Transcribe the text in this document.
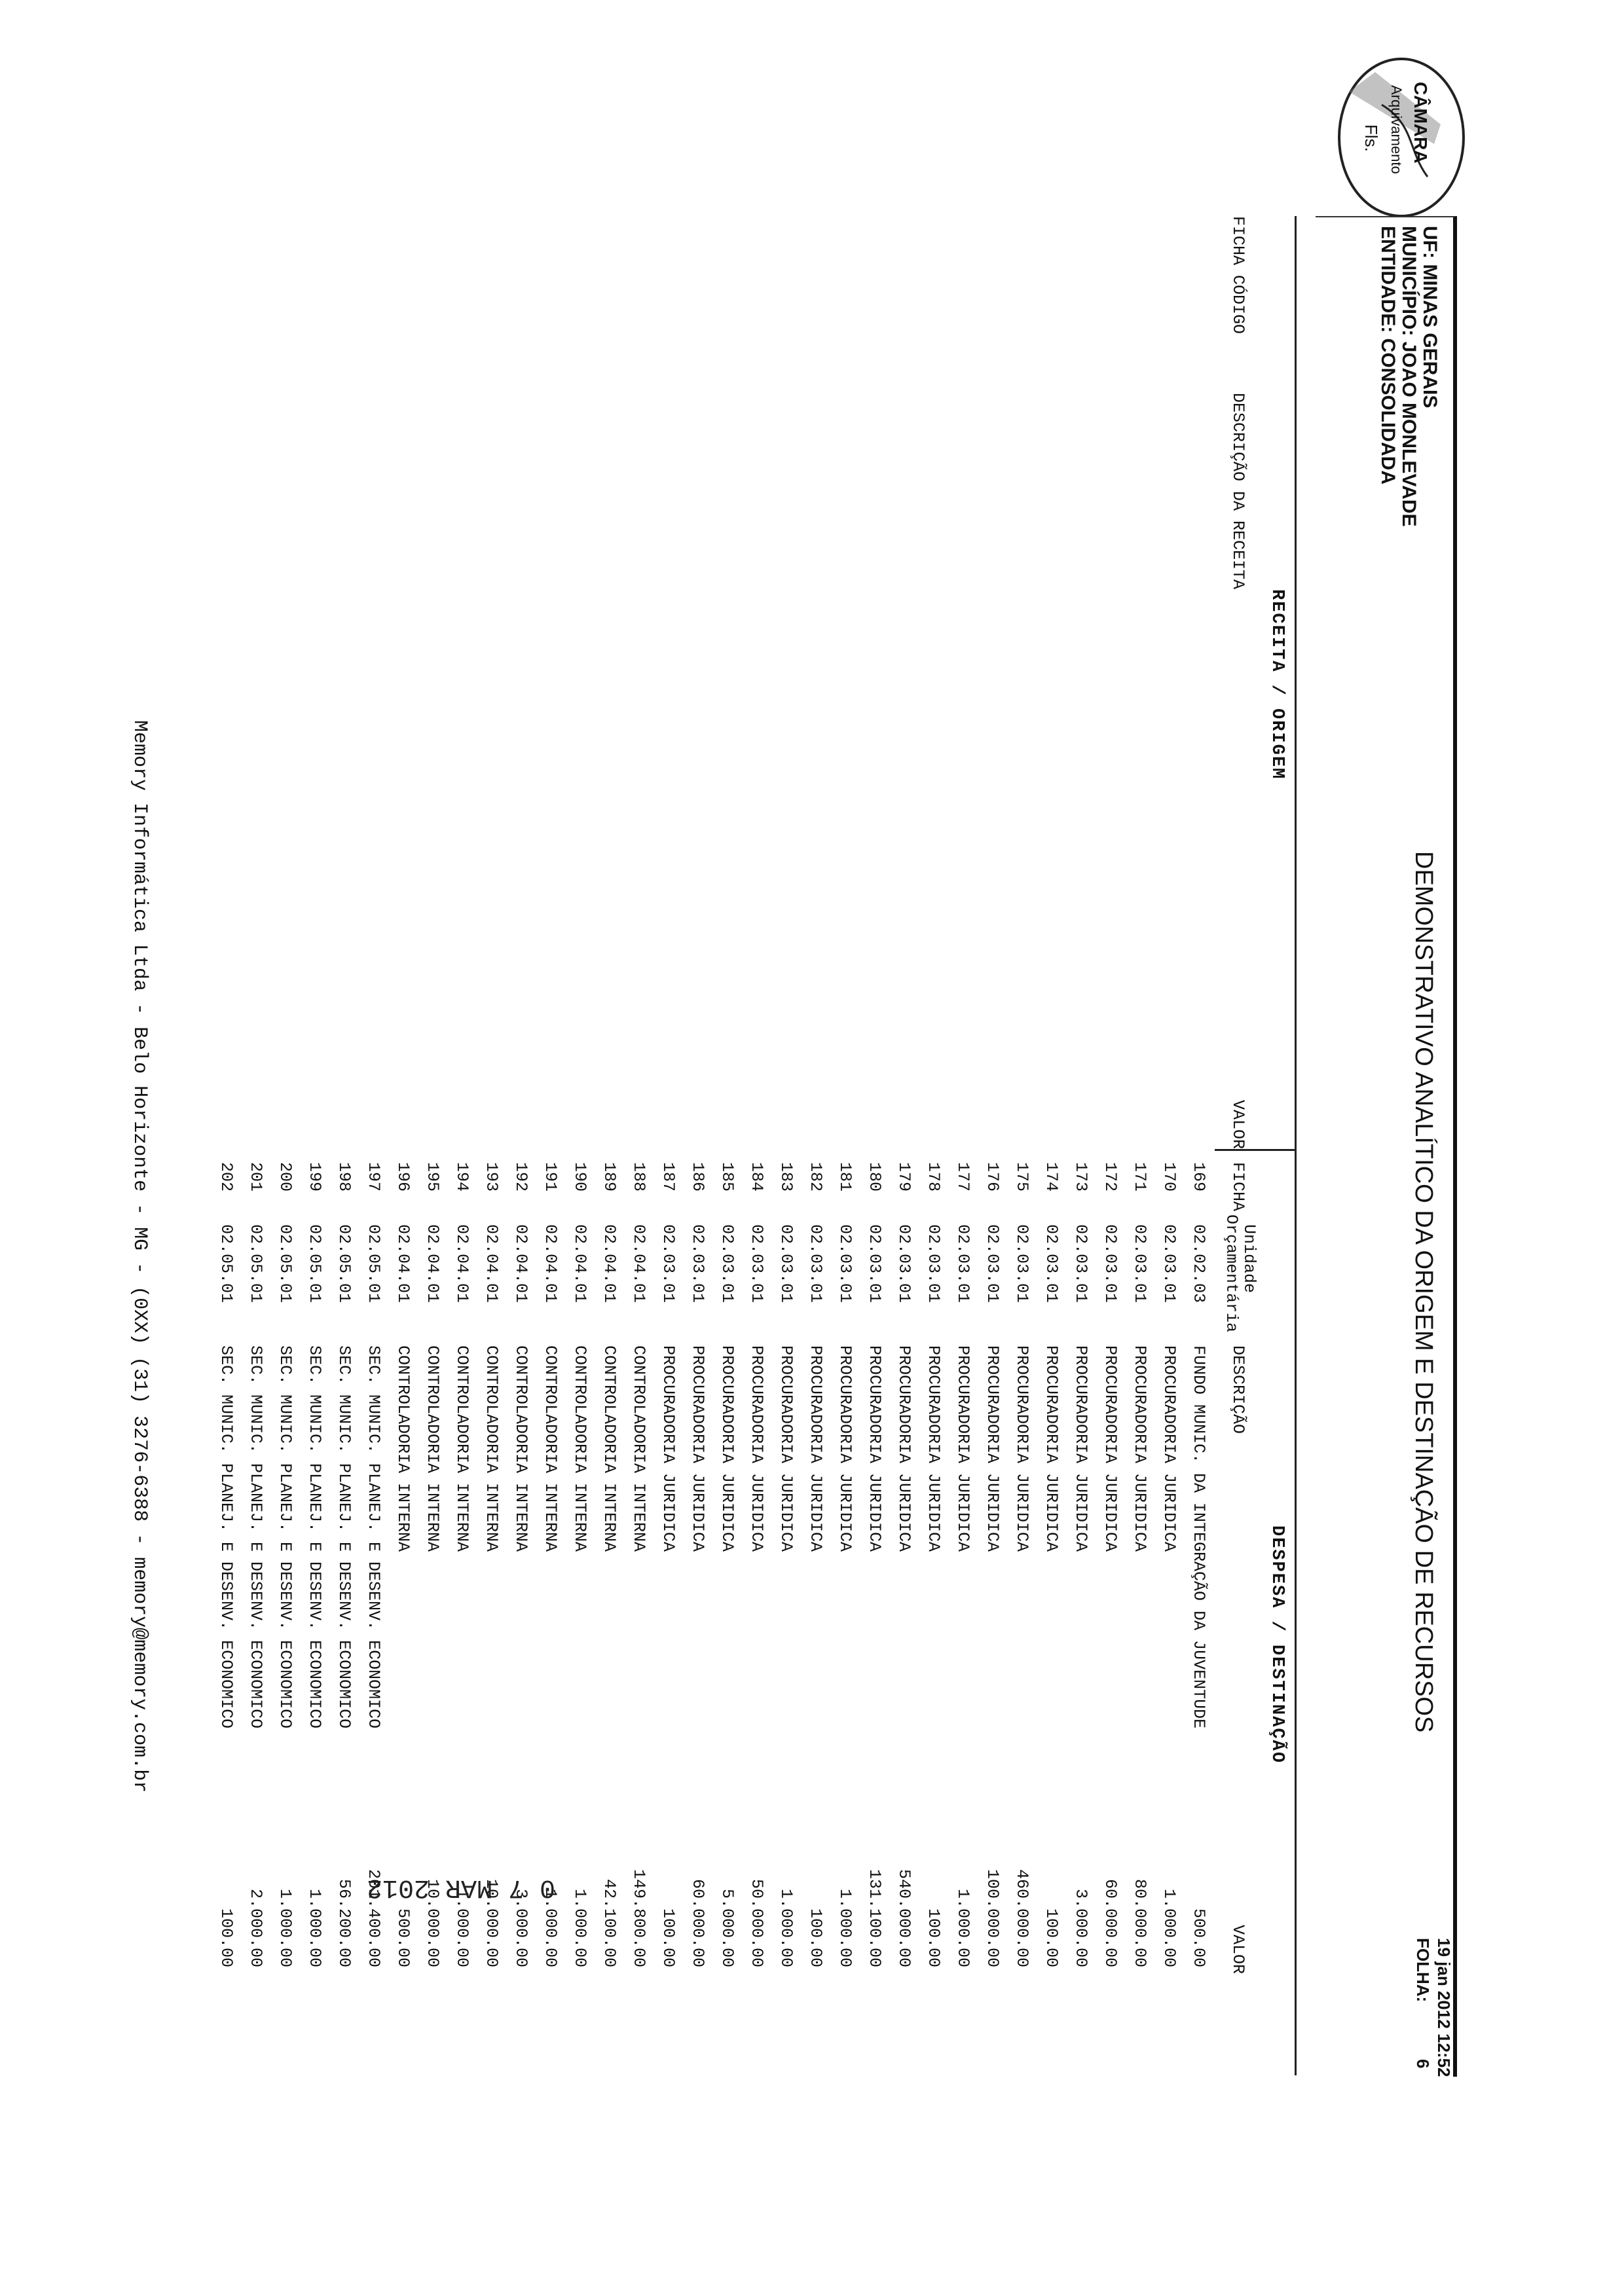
CÂMARA
Arquivamento
Fls.
UF: MINAS GERAIS
MUNICÍPIO: JOAO MONLEVADE
ENTIDADE: CONSOLIDADA
DEMONSTRATIVO ANALÍTICO DA ORIGEM E DESTINAÇÃO DE RECURSOS
19 jan 2012 12:52
FOLHA:
6
RECEITA / ORIGEM
DESPESA / DESTINAÇÃO
FICHA CÓDIGO
DESCRIÇÃO DA RECEITA
VALOR
FICHA
Unidade
Orçamentária
DESCRIÇÃO
VALOR
169
02.02.03
FUNDO MUNIC. DA INTEGRAÇÃO DA JUVENTUDE
500.00
170
02.03.01
PROCURADORIA JURIDICA
1.000.00
171
02.03.01
PROCURADORIA JURIDICA
80.000.00
172
02.03.01
PROCURADORIA JURIDICA
60.000.00
173
02.03.01
PROCURADORIA JURIDICA
3.000.00
174
02.03.01
PROCURADORIA JURIDICA
100.00
175
02.03.01
PROCURADORIA JURIDICA
460.000.00
176
02.03.01
PROCURADORIA JURIDICA
100.000.00
177
02.03.01
PROCURADORIA JURIDICA
1.000.00
178
02.03.01
PROCURADORIA JURIDICA
100.00
179
02.03.01
PROCURADORIA JURIDICA
540.000.00
180
02.03.01
PROCURADORIA JURIDICA
131.100.00
181
02.03.01
PROCURADORIA JURIDICA
1.000.00
182
02.03.01
PROCURADORIA JURIDICA
100.00
183
02.03.01
PROCURADORIA JURIDICA
1.000.00
184
02.03.01
PROCURADORIA JURIDICA
50.000.00
185
02.03.01
PROCURADORIA JURIDICA
5.000.00
186
02.03.01
PROCURADORIA JURIDICA
60.000.00
187
02.03.01
PROCURADORIA JURIDICA
100.00
188
02.04.01
CONTROLADORIA INTERNA
149.800.00
189
02.04.01
CONTROLADORIA INTERNA
42.100.00
190
02.04.01
CONTROLADORIA INTERNA
1.000.00
191
02.04.01
CONTROLADORIA INTERNA
1.000.00
192
02.04.01
CONTROLADORIA INTERNA
3.000.00
193
02.04.01
CONTROLADORIA INTERNA
10.000.00
194
02.04.01
CONTROLADORIA INTERNA
1.000.00
195
02.04.01
CONTROLADORIA INTERNA
10.000.00
196
02.04.01
CONTROLADORIA INTERNA
500.00
197
02.05.01
SEC. MUNIC. PLANEJ. E DESENV. ECONOMICO
201.400.00
198
02.05.01
SEC. MUNIC. PLANEJ. E DESENV. ECONOMICO
56.200.00
199
02.05.01
SEC. MUNIC. PLANEJ. E DESENV. ECONOMICO
1.000.00
200
02.05.01
SEC. MUNIC. PLANEJ. E DESENV. ECONOMICO
1.000.00
201
02.05.01
SEC. MUNIC. PLANEJ. E DESENV. ECONOMICO
2.000.00
202
02.05.01
SEC. MUNIC. PLANEJ. E DESENV. ECONOMICO
100.00
Memory Informática Ltda - Belo Horizonte - MG - (0XX) (31) 3276-6388 - memory@memory.com.br
0 7 MAR 2012
